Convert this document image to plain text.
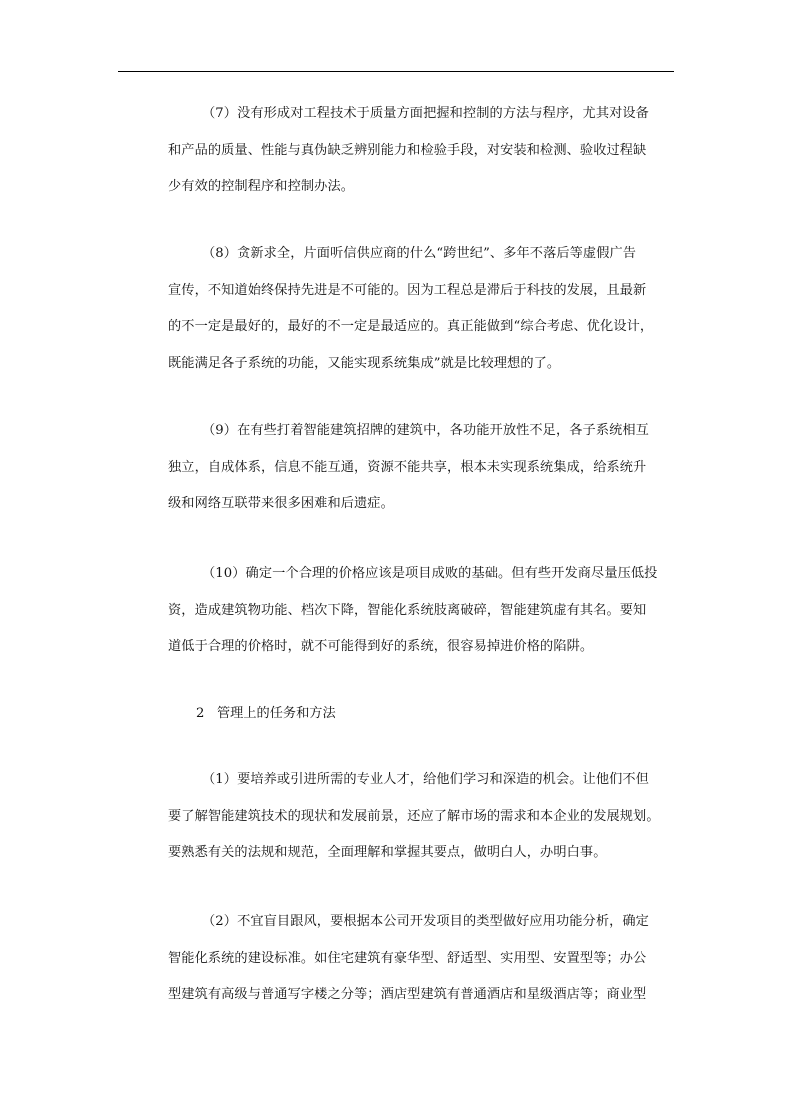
（7）没有形成对工程技术于质量方面把握和控制的方法与程序，尤其对设备
和产品的质量、性能与真伪缺乏辨别能力和检验手段，对安装和检测、验收过程缺
少有效的控制程序和控制办法。
（8）贪新求全，片面听信供应商的什么“跨世纪”、多年不落后等虚假广告
宣传，不知道始终保持先进是不可能的。因为工程总是滞后于科技的发展，且最新
的不一定是最好的，最好的不一定是最适应的。真正能做到“综合考虑、优化设计，
既能满足各子系统的功能，又能实现系统集成”就是比较理想的了。
（9）在有些打着智能建筑招牌的建筑中，各功能开放性不足，各子系统相互
独立，自成体系，信息不能互通，资源不能共享，根本未实现系统集成，给系统升
级和网络互联带来很多困难和后遗症。
（10）确定一个合理的价格应该是项目成败的基础。但有些开发商尽量压低投
资，造成建筑物功能、档次下降，智能化系统肢离破碎，智能建筑虚有其名。要知
道低于合理的价格时，就不可能得到好的系统，很容易掉进价格的陷阱。
2 管理上的任务和方法
（1）要培养或引进所需的专业人才，给他们学习和深造的机会。让他们不但
要了解智能建筑技术的现状和发展前景，还应了解市场的需求和本企业的发展规划。
要熟悉有关的法规和规范，全面理解和掌握其要点，做明白人，办明白事。
（2）不宜盲目跟风，要根据本公司开发项目的类型做好应用功能分析，确定
智能化系统的建设标准。如住宅建筑有豪华型、舒适型、实用型、安置型等；办公
型建筑有高级与普通写字楼之分等；酒店型建筑有普通酒店和星级酒店等；商业型
